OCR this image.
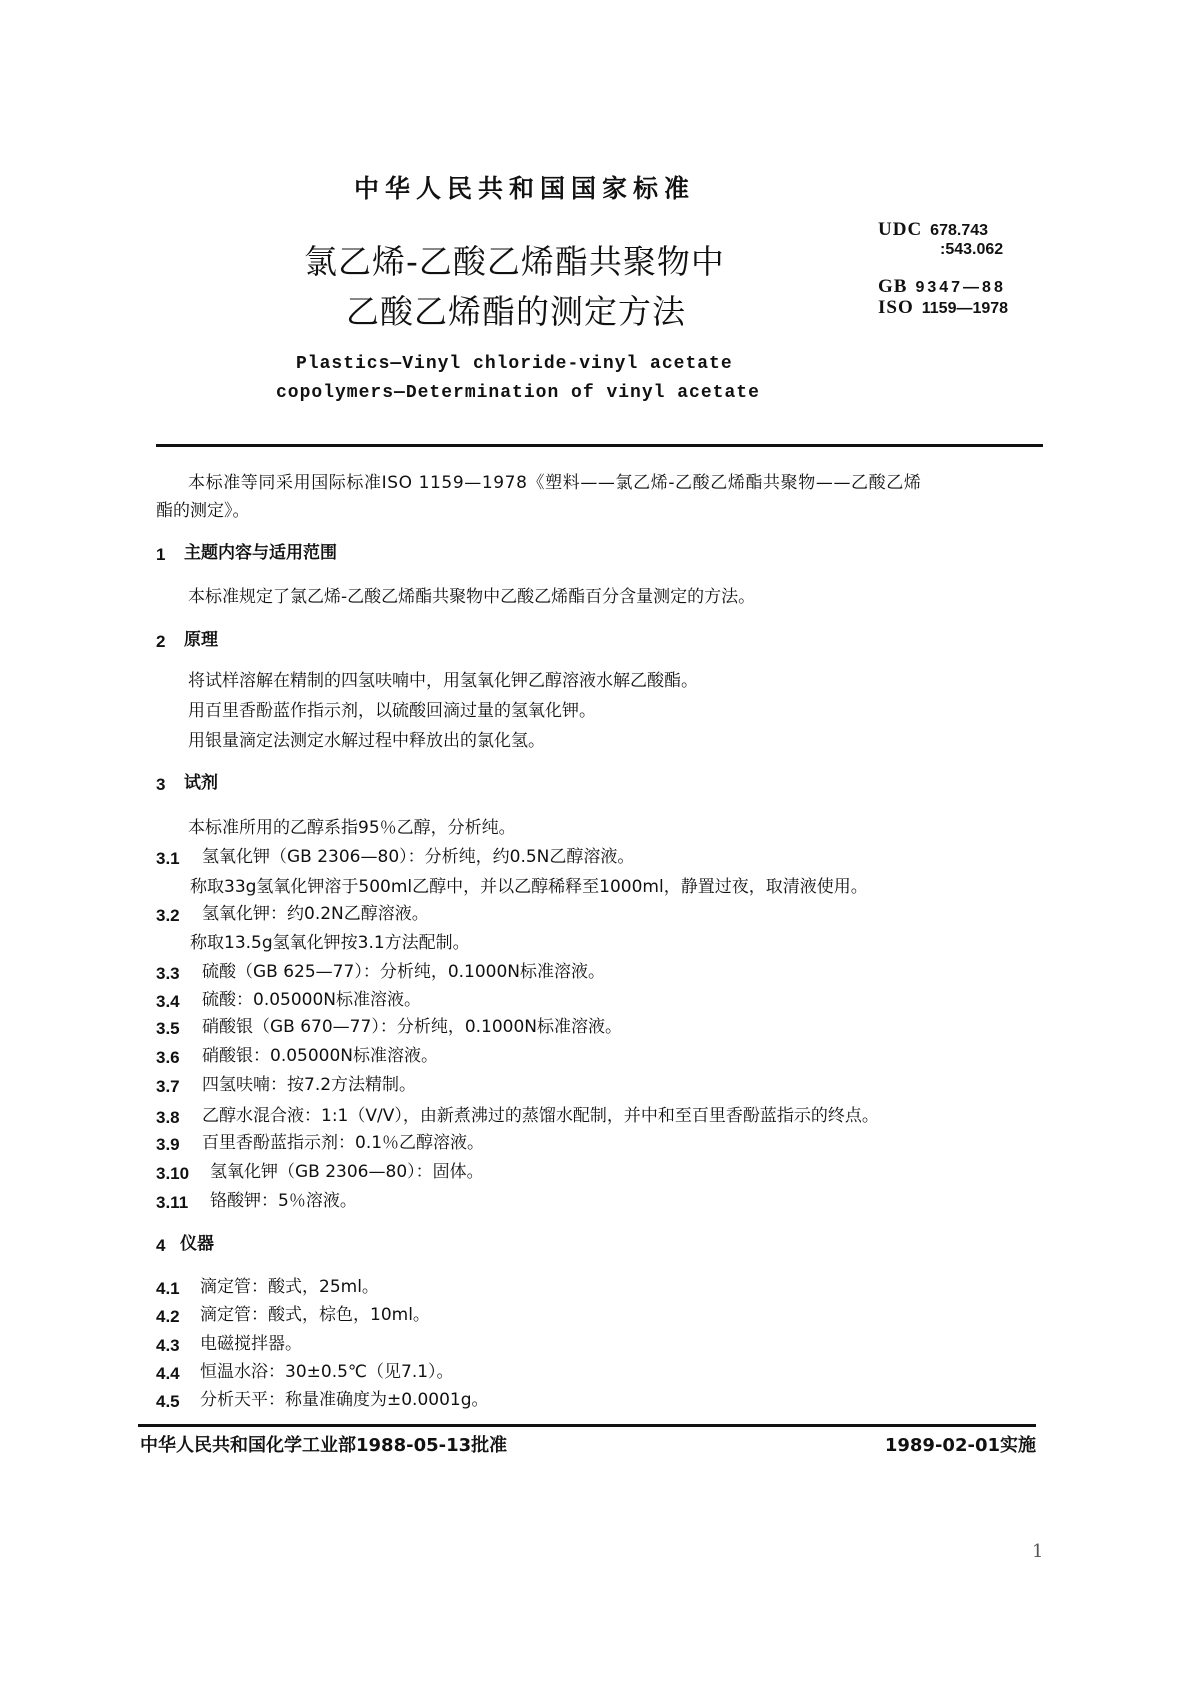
中华人民共和国国家标准
氯乙烯-乙酸乙烯酯共聚物中
乙酸乙烯酯的测定方法
UDC 678.743
:543.062
GB 9347—88
ISO 1159—1978
Plastics—Vinyl chloride-vinyl acetate
copolymers—Determination of vinyl acetate
本标准等同采用国际标准ISO 1159—1978《塑料——氯乙烯-乙酸乙烯酯共聚物——乙酸乙烯
酯的测定》。
1 主题内容与适用范围
本标准规定了氯乙烯-乙酸乙烯酯共聚物中乙酸乙烯酯百分含量测定的方法。
2 原理
将试样溶解在精制的四氢呋喃中，用氢氧化钾乙醇溶液水解乙酸酯。
用百里香酚蓝作指示剂，以硫酸回滴过量的氢氧化钾。
用银量滴定法测定水解过程中释放出的氯化氢。
3 试剂
本标准所用的乙醇系指95％乙醇，分析纯。
3.1 氢氧化钾（GB 2306—80）：分析纯，约0.5N乙醇溶液。
称取33g氢氧化钾溶于500ml乙醇中，并以乙醇稀释至1000ml，静置过夜，取清液使用。
3.2 氢氧化钾：约0.2N乙醇溶液。
称取13.5g氢氧化钾按3.1方法配制。
3.3 硫酸（GB 625—77）：分析纯，0.1000N标准溶液。
3.4 硫酸：0.05000N标准溶液。
3.5 硝酸银（GB 670—77）：分析纯，0.1000N标准溶液。
3.6 硝酸银：0.05000N标准溶液。
3.7 四氢呋喃：按7.2方法精制。
3.8 乙醇水混合液：1:1（V/V），由新煮沸过的蒸馏水配制，并中和至百里香酚蓝指示的终点。
3.9 百里香酚蓝指示剂：0.1％乙醇溶液。
3.10 氢氧化钾（GB 2306—80）：固体。
3.11 铬酸钾：5％溶液。
4 仪器
4.1 滴定管：酸式，25ml。
4.2 滴定管：酸式，棕色，10ml。
4.3 电磁搅拌器。
4.4 恒温水浴：30±0.5℃（见7.1）。
4.5 分析天平：称量准确度为±0.0001g。
中华人民共和国化学工业部1988-05-13批准	1989-02-01实施
1
